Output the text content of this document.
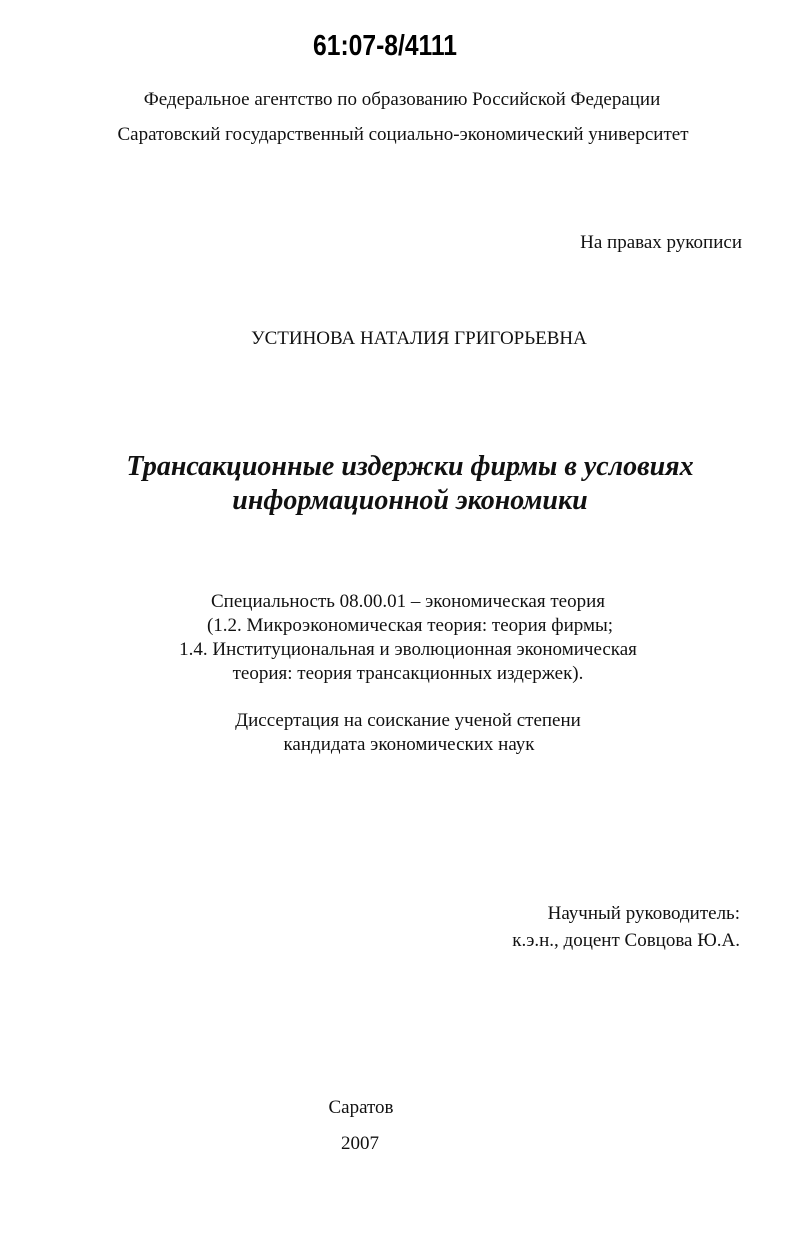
61:07-8/4111
Федеральное агентство по образованию Российской Федерации
Саратовский государственный социально-экономический университет
На правах рукописи
УСТИНОВА НАТАЛИЯ ГРИГОРЬЕВНА
Трансакционные издержки фирмы в условиях
информационной экономики
Специальность 08.00.01 – экономическая теория
(1.2. Микроэкономическая теория: теория фирмы;
1.4. Институциональная и эволюционная экономическая
теория: теория трансакционных издержек).
Диссертация на соискание ученой степени
кандидата экономических наук
Научный руководитель:
к.э.н., доцент Совцова Ю.А.
Саратов
2007
